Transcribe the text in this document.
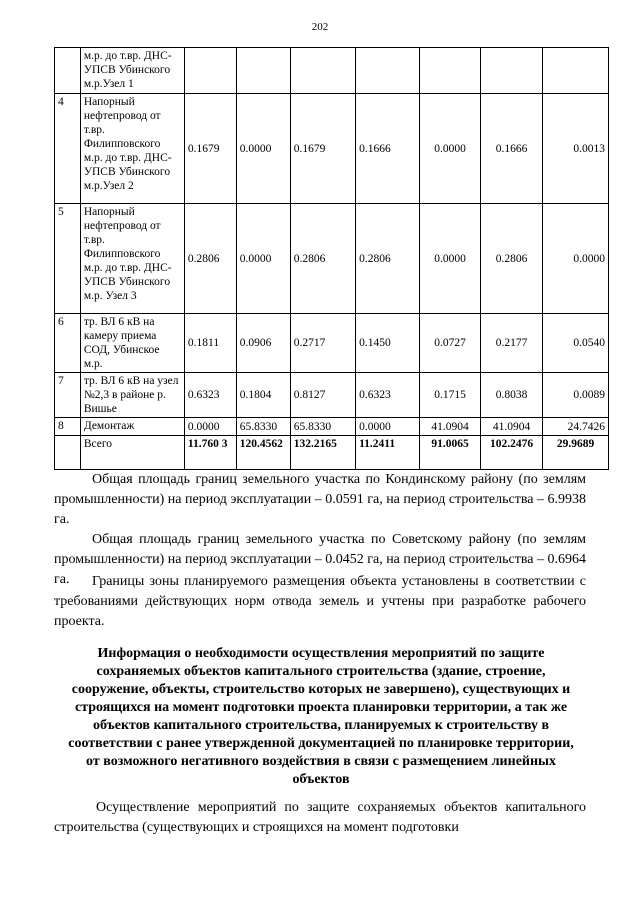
202
	м.р. до т.вр. ДНС-УПСВ Убинского м.р.Узел 1							
4	Напорный нефтепровод от т.вр. Филипповского м.р. до т.вр. ДНС-УПСВ Убинского м.р.Узел 2	0.1679	0.0000	0.1679	0.1666	0.0000	0.1666	0.0013
5	Напорный нефтепровод от т.вр. Филипповского м.р. до т.вр. ДНС-УПСВ Убинского м.р. Узел 3	0.2806	0.0000	0.2806	0.2806	0.0000	0.2806	0.0000
6	тр. ВЛ 6 кВ на камеру приема СОД, Убинское м.р.	0.1811	0.0906	0.2717	0.1450	0.0727	0.2177	0.0540
7	тр. ВЛ 6 кВ на узел №2,3 в районе р. Вишье	0.6323	0.1804	0.8127	0.6323	0.1715	0.8038	0.0089
8	Демонтаж	0.0000	65.8330	65.8330	0.0000	41.0904	41.0904	24.7426
	Всего	11.760 3	120.4562	132.2165	11.2411	91.0065	102.2476	29.9689

Общая площадь границ земельного участка по Кондинскому району (по землям промышленности) на период эксплуатации – 0.0591 га, на период строительства – 6.9938 га.

Общая площадь границ земельного участка по Советскому району (по землям промышленности) на период эксплуатации – 0.0452 га, на период строительства – 0.6964 га.	Границы зоны планируемого размещения объекта установлены в соответствии с требованиями действующих норм отвода земель и учтены при разработке рабочего проекта.

Информация о необходимости осуществления мероприятий по защите сохраняемых объектов капитального строительства (здание, строение, сооружение, объекты, строительство которых не завершено), существующих и строящихся на момент подготовки проекта планировки территории, а так же объектов капитального строительства, планируемых к строительству в соответствии с ранее утвержденной документацией по планировке территории, от возможного негативного воздействия в связи с размещением линейных объектов

Осуществление мероприятий по защите сохраняемых объектов капитального строительства (существующих и строящихся на момент подготовки
